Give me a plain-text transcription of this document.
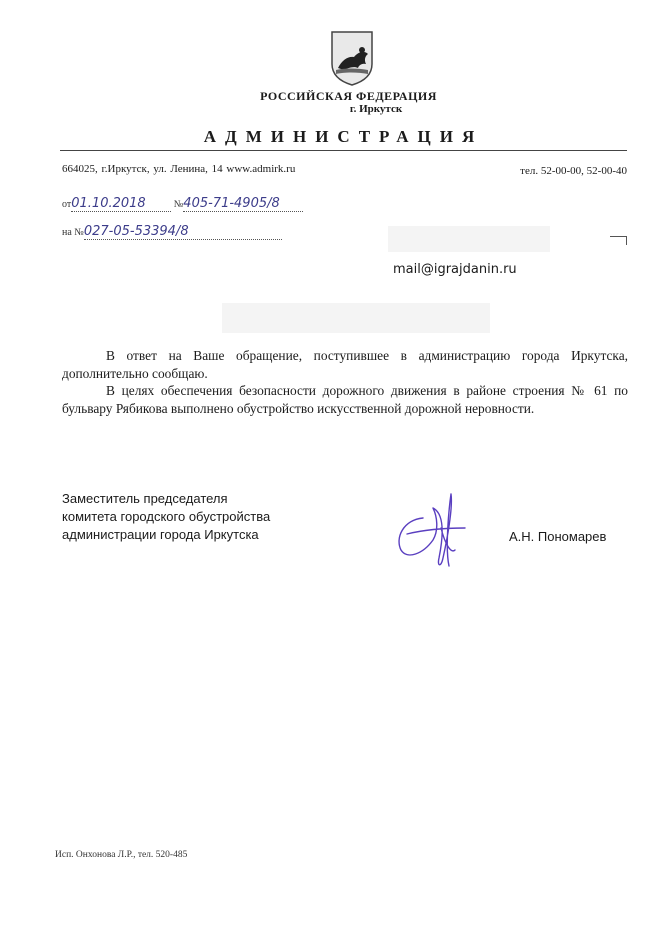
РОССИЙСКАЯ ФЕДЕРАЦИЯ
г. Иркутск
АДМИНИСТРАЦИЯ
664025, г.Иркутск, ул. Ленина, 14 www.admirk.ru	тел. 52-00-00, 52-00-40
от01.10.2018	№405-71-4905/8
на №027-05-53394/8
mail@igrajdanin.ru

В ответ на Ваше обращение, поступившее в администрацию города Иркутска, дополнительно сообщаю.

В целях обеспечения безопасности дорожного движения в районе строения № 61 по бульвару Рябикова выполнено обустройство искусственной дорожной неровности.

Заместитель председателя
комитета городского обустройства
администрации города Иркутска	А.Н. Пономарев
Исп. Онхонова Л.Р., тел. 520-485
